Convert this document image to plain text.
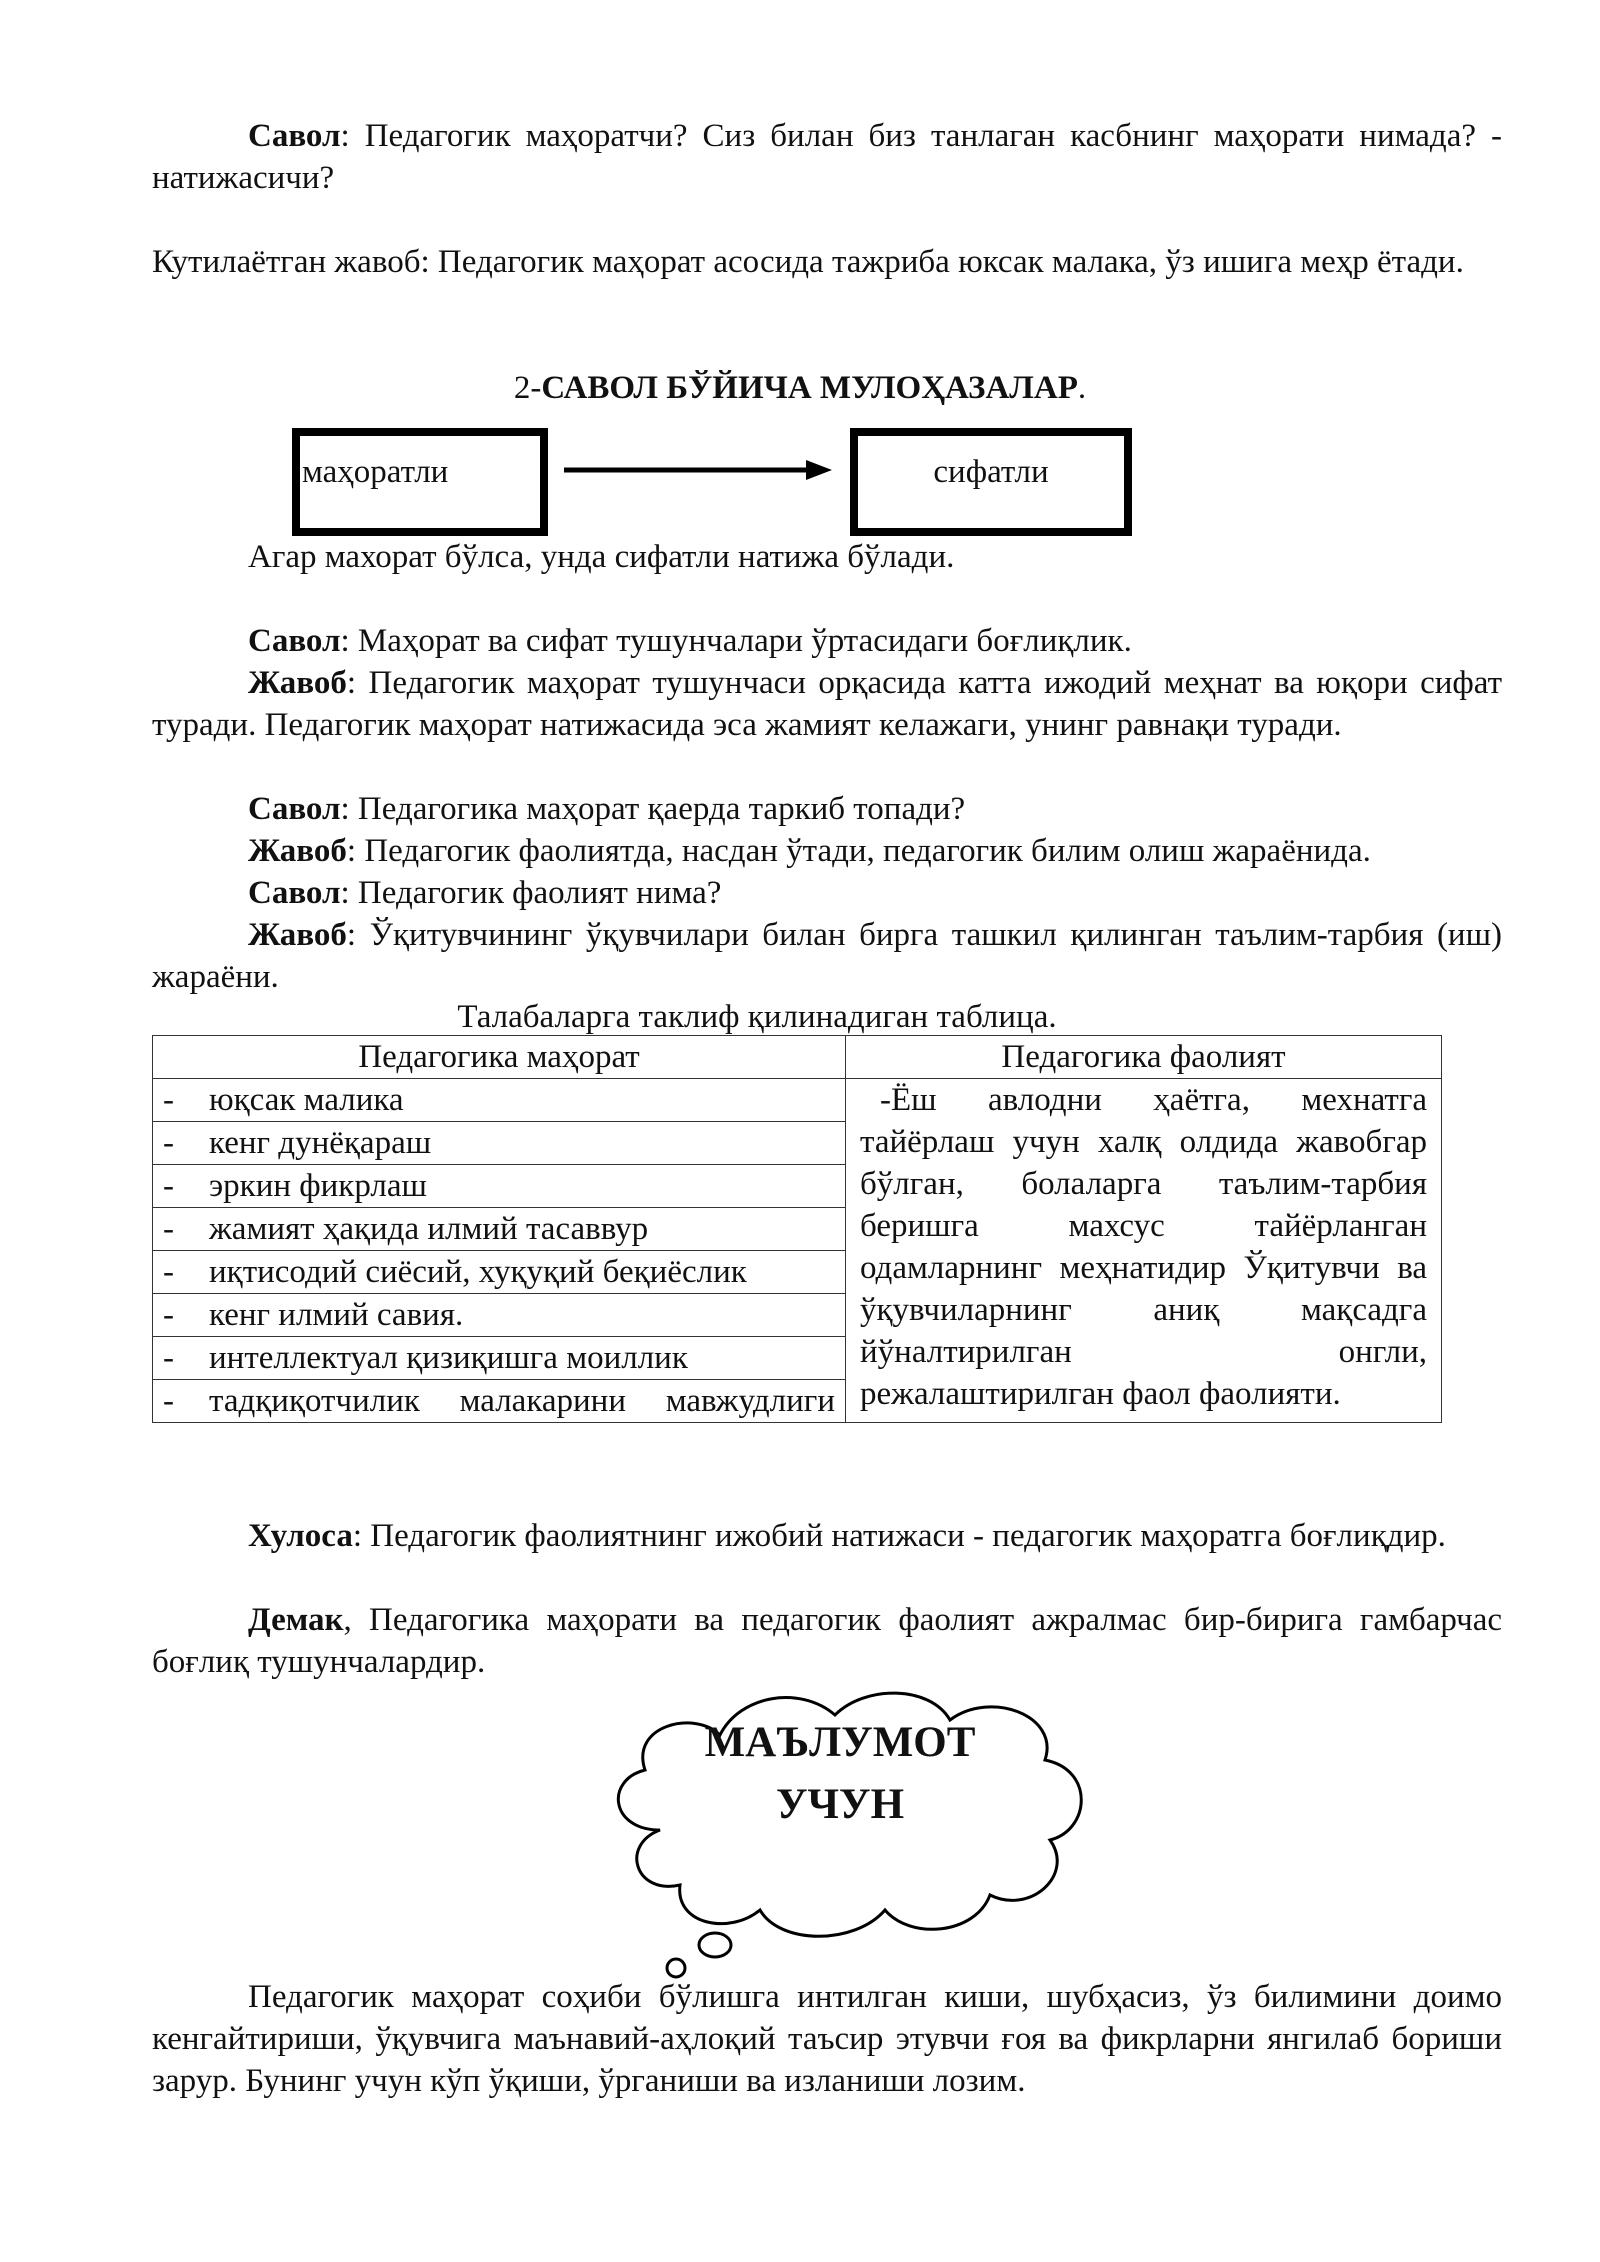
Савол: Педагогик маҳоратчи? Сиз билан биз танлаган касбнинг маҳорати нимада? - натижасичи?

Кутилаётган жавоб: Педагогик маҳорат асосида тажриба юксак малака, ўз ишига меҳр ётади.

2-САВОЛ БЎЙИЧА МУЛОҲАЗАЛАР.
маҳоратли	сифатли

Агар махорат бўлса, унда сифатли натижа бўлади.

Савол: Маҳорат ва сифат тушунчалари ўртасидаги боғлиқлик.

Жавоб: Педагогик маҳорат тушунчаси орқасида катта ижодий меҳнат ва юқори сифат туради. Педагогик маҳорат натижасида эса жамият келажаги, унинг равнақи туради.

Савол: Педагогика маҳорат қаерда таркиб топади?

Жавоб: Педагогик фаолиятда, насдан ўтади, педагогик билим олиш жараёнида.

Савол: Педагогик фаолият нима?

Жавоб: Ўқитувчининг ўқувчилари билан бирга ташкил қилинган таълим-тарбия (иш) жараёни.

Талабаларга таклиф қилинадиган таблица.
Педагогика маҳорат	Педагогика фаолият

- юқсак малика	-Ёш авлодни ҳаётга, мехнатга тайёрлаш учун халқ олдида жавобгар бўлган, болаларга таълим-тарбия беришга махсус тайёрланган одамларнинг меҳнатидир Ўқитувчи ва ўқувчиларнинг аниқ мақсадга йўналтирилган онгли, режалаштирилган фаол фаолияти.

- кенг дунёқараш	

- эркин фикрлаш	

- жамият ҳақида илмий тасаввур	

- иқтисодий сиёсий, хуқуқий беқиёслик	

- кенг илмий савия.	

- интеллектуал қизиқишга моиллик	

- тадқиқотчилик малакарини мавжудлиги	

Хулоса: Педагогик фаолиятнинг ижобий натижаси - педагогик маҳоратга боғлиқдир.

Демак, Педагогика маҳорати ва педагогик фаолият ажралмас бир-бирига гамбарчас боғлиқ тушунчалардир.

МАЪЛУМОТ
УЧУН

Педагогик маҳорат соҳиби бўлишга интилган киши, шубҳасиз, ўз билимини доимо кенгайтириши, ўқувчига маънавий-аҳлоқий таъсир этувчи ғоя ва фикрларни янгилаб бориши зарур. Бунинг учун кўп ўқиши, ўрганиши ва изланиши лозим.
